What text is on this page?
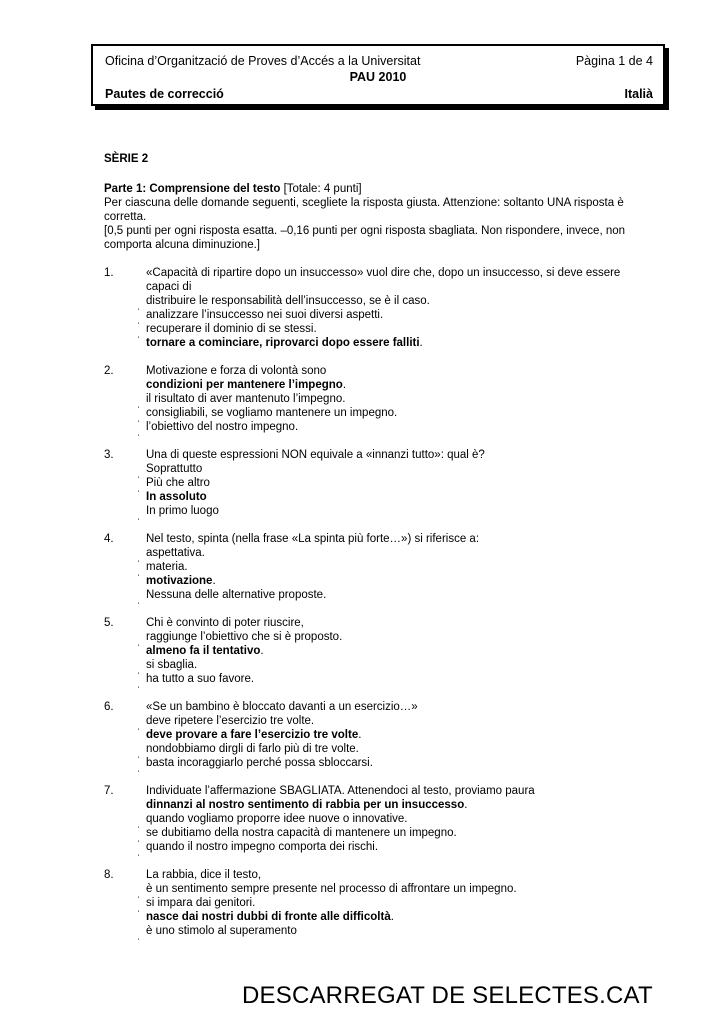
Oficina d’Organització de Proves d’Accés a la Universitat	Pàgina 1 de 4
PAU 2010
Pautes de correcció	Italià

SÈRIE 2

Parte 1: Comprensione del testo [Totale: 4 punti]

Per ciascuna delle domande seguenti, scegliete la risposta giusta. Attenzione: soltanto UNA risposta è corretta.

[0,5 punti per ogni risposta esatta. –0,16 punti per ogni risposta sbagliata. Non rispondere, invece, non comporta alcuna diminuzione.]

1.	«Capacità di ripartire dopo un insuccesso» vuol dire che, dopo un insuccesso, si deve essere capaci di

ˌ distribuire le responsabilità dell’insuccesso, se è il caso.

ˌ analizzare l’insuccesso nei suoi diversi aspetti.

ˌ recuperare il dominio di se stessi.

tornare a cominciare, riprovarci dopo essere falliti.

2.	Motivazione e forza di volontà sono

condizioni per mantenere l’impegno.

ˌ il risultato di aver mantenuto l’impegno.

ˌ consigliabili, se vogliamo mantenere un impegno.

ˌ l’obiettivo del nostro impegno.

3.	Una di queste espressioni NON equivale a «innanzi tutto»: qual è?

ˌ Soprattutto

ˌ Più che altro

In assoluto

ˌ In primo luogo

4.	Nel testo, spinta (nella frase «La spinta più forte…») si riferisce a:

ˌ aspettativa.

ˌ materia.

motivazione.

ˌ Nessuna delle alternative proposte.

5.	Chi è convinto di poter riuscire,

ˌ raggiunge l’obiettivo che si è proposto.

almeno fa il tentativo.

ˌ si sbaglia.

ˌ ha tutto a suo favore.

6.	«Se un bambino è bloccato davanti a un esercizio…»

ˌ deve ripetere l’esercizio tre volte.

deve provare a fare l’esercizio tre volte.

ˌ nondobbiamo dirgli di farlo più di tre volte.

ˌ basta incoraggiarlo perché possa sbloccarsi.

7.	Individuate l’affermazione SBAGLIATA. Attenendoci al testo, proviamo paura

dinnanzi al nostro sentimento di rabbia per un insuccesso.

ˌ quando vogliamo proporre idee nuove o innovative.

ˌ se dubitiamo della nostra capacità di mantenere un impegno.

ˌ quando il nostro impegno comporta dei rischi.

8.	La rabbia, dice il testo,

ˌ è un sentimento sempre presente nel processo di affrontare un impegno.

ˌ si impara dai genitori.

nasce dai nostri dubbi di fronte alle difficoltà.

ˌ è uno stimolo al superamento

DESCARREGAT DE SELECTES.CAT
